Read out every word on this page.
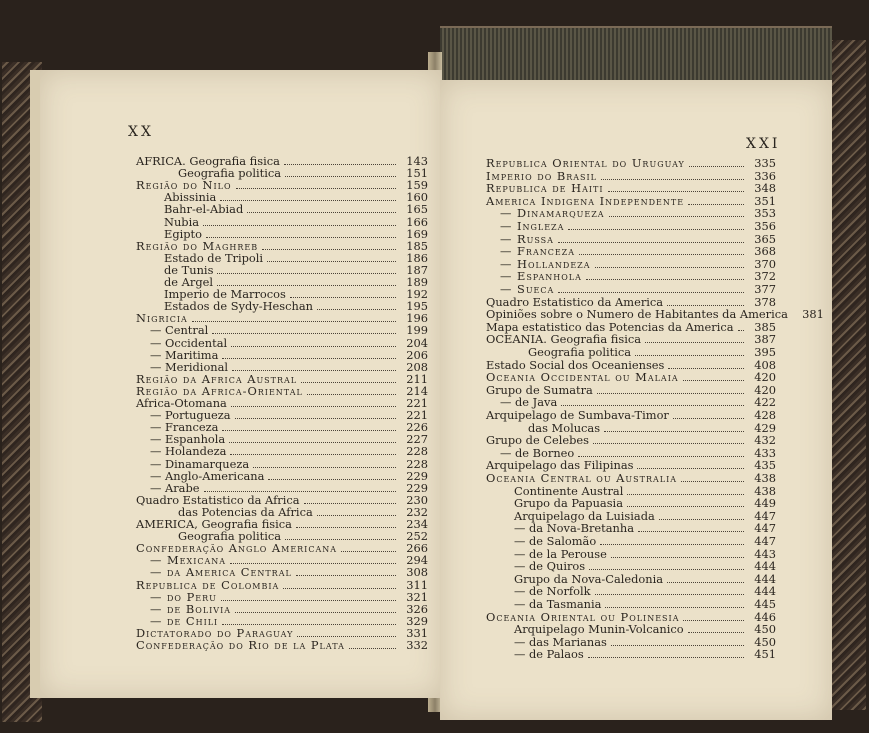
XX
AFRICA. Geografia fisica	143
Geografia politica	151
Região do Nilo	159
Abissinia	160
Bahr-el-Abiad	165
Nubia	166
Egipto	169
Região do Maghreb	185
Estado de Tripoli	186
de Tunis	187
de Argel	189
Imperio de Marrocos	192
Estados de Sydy-Heschan	195
Nigricia	196
— Central	199
— Occidental	204
— Maritima	206
— Meridional	208
Região da Africa Austral	211
Região da Africa-Oriental	214
Africa-Otomana	221
— Portugueza	221
— Franceza	226
— Espanhola	227
— Holandeza	228
— Dinamarqueza	228
— Anglo-Americana	229
— Arabe	229
Quadro Estatistico da Africa	230
das Potencias da Africa	232
AMERICA, Geografia fisica	234
Geografia politica	252
Confederação Anglo Americana	266
— Mexicana	294
— da America Central	308
Republica de Colombia	311
— do Peru	321
— de Bolivia	326
— de Chili	329
Dictatorado do Paraguay	331
Confederação do Rio de la Plata	332
XXI
Republica Oriental do Uruguay	335
Imperio do Brasil	336
Republica de Haiti	348
America Indigena Independente	351
— Dinamarqueza	353
— Ingleza	356
— Russa	365
— Franceza	368
— Hollandeza	370
— Espanhola	372
— Sueca	377
Quadro Estatistico da America	378
Opiniões sobre o Numero de Habitantes da America	381
Mapa estatistico das Potencias da America	385
OCEANIA. Geografia fisica	387
Geografia politica	395
Estado Social dos Oceanienses	408
Oceania Occidental ou Malaia	420
Grupo de Sumatra	420
— de Java	422
Arquipelago de Sumbava-Timor	428
das Molucas	429
Grupo de Celebes	432
— de Borneo	433
Arquipelago das Filipinas	435
Oceania Central ou Australia	438
Continente Austral	438
Grupo da Papuasia	449
Arquipelago da Luisiada	447
— da Nova-Bretanha	447
— de Salomão	447
— de la Perouse	443
— de Quiros	444
Grupo da Nova-Caledonia	444
— de Norfolk	444
— da Tasmania	445
Oceania Oriental ou Polinesia	446
Arquipelago Munin-Volcanico	450
— das Marianas	450
— de Palaos	451
